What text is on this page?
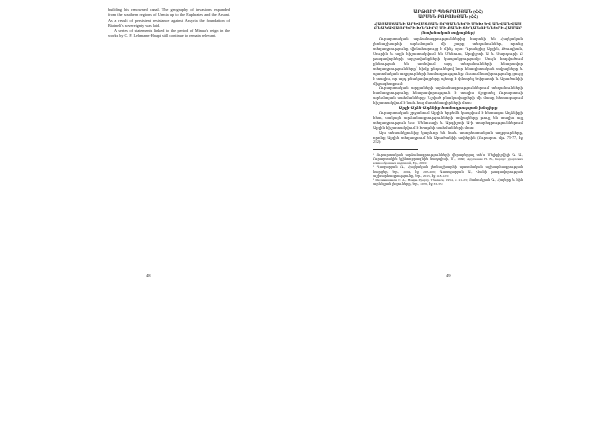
building his renowned canal. The geography of invasions expanded from the southern regions of Urmia up to the Euphrates and the Arsani. As a result of persistent resistance against Assyria the foundation of Biaineli's sovereignty was laid.

A series of statements linked to the period of Minua's reign in the works by C. F. Lehmann-Haupt still continue to remain relevant.

48

ԱՐԹՈՒՐ ՊԵՏՐՈՍՅԱՆ (ՀՀ)

ԱՐՍԵՆ ԲՈԲՈԽՅԱՆ (ՀՀ)

ՀԱՅԱՍՏԱՆԻ ԱՐԵՎՄՏՅԱՆ ՇՐՋԱՆՆԵՐԻ ՄԵԽ ԵՎ ԱՆՎԱՆՎԱԾ ԲՆԱԿԱՎԱՅՐԵՐԻ ԽՆԴԻՐԸ ՄԻ ՔԱՆԻ ՏԵՂԱՆՈՒՆՆԵՐԻ ՀԱՄԱՐ

(նախնական տվյալներ)

Ուրարտական արձանագրություններից հայտնի են Հայկական լեռնաշխարհի արևմտյան մի շարք տեղանուններ, որոնց տեղադրությունը վիճահարույց է մինչ օրս։ Դրանցից Ալզին, Թուպիան, Սուրին և այլն հիշատակվում են Մենուա, Արգիշտի Ա և Սարդուրի Բ թագավորների արշավանքների կապակցությամբ։ Սույն հոդվածում քննության են առնվում այդ տեղանունների հնարավոր տեղադրությունները՝ հիմք ընդունելով նոր հնագիտական տվյալները և պատմական աղբյուրների համադրությունը։ Ուսումնասիրությունը ցույց է տալիս, որ այդ բնակավայրերը պետք է փնտրել Եփրատի և Արածանիի միջագետքում։

Ուրարտական արքաների արձանագրություններում տեղանունների համադրությունը հնարավորություն է տալիս ճշգրտել Ուրարտուի արևմտյան սահմանները։ Նշված բնակավայրերի մի մասը հետագայում հիշատակվում է նաև հայ մատենագիրների մոտ։

Ալզի-Ալձն-Աղձնիք համադրության խնդիրը

Ուրարտական շրջանում Ալզին երբեմն կապվում է հետագա Աղձնիքի հետ, սակայն արձանագրությունների տվյալները թույլ են տալիս այլ տեղադրություն ևս։ Մենուայի և Արգիշտի Ա-ի տարեգրություններում Ալզին հիշատակվում է Խաթեի սահմանների մոտ։

Այս տեսանկյունից կարևոր են նաև ասորեստանյան աղբյուրները, որոնք Ալզին տեղադրում են Արածանիի ափերին (Ուրարտ. մթ. 75-77, էջ 212)։

¹ Ուրարտական արձանագրությունների վերաբերյալ տե՛ս Մելիքիշվիլի Գ. Ա., Ուրարտսկիե կլինոոբրազնիե նադպիսի, Մ., 1960; Арутюнян Н. В., Корпус урартских клинообразных надписей, Ер., 2001։

² Ղազարյան Ռ., Հայկական լեռնաշխարհի պատմական աշխարհագրության հարցեր, Եր., 2004, էջ 205-209; Գասպարյան Ա., Վանի թագավորության աշխարհագրությունը, Եր., 2015, էջ 118-123։

³ Меликишвили Г. А., Наири-Урарту, Тбилиси, 1954, с. 21-23; Յահուկյան Գ., Հայերը և հին արևելյան լեզուները, Եր., 1970, էջ 33-35։

49
